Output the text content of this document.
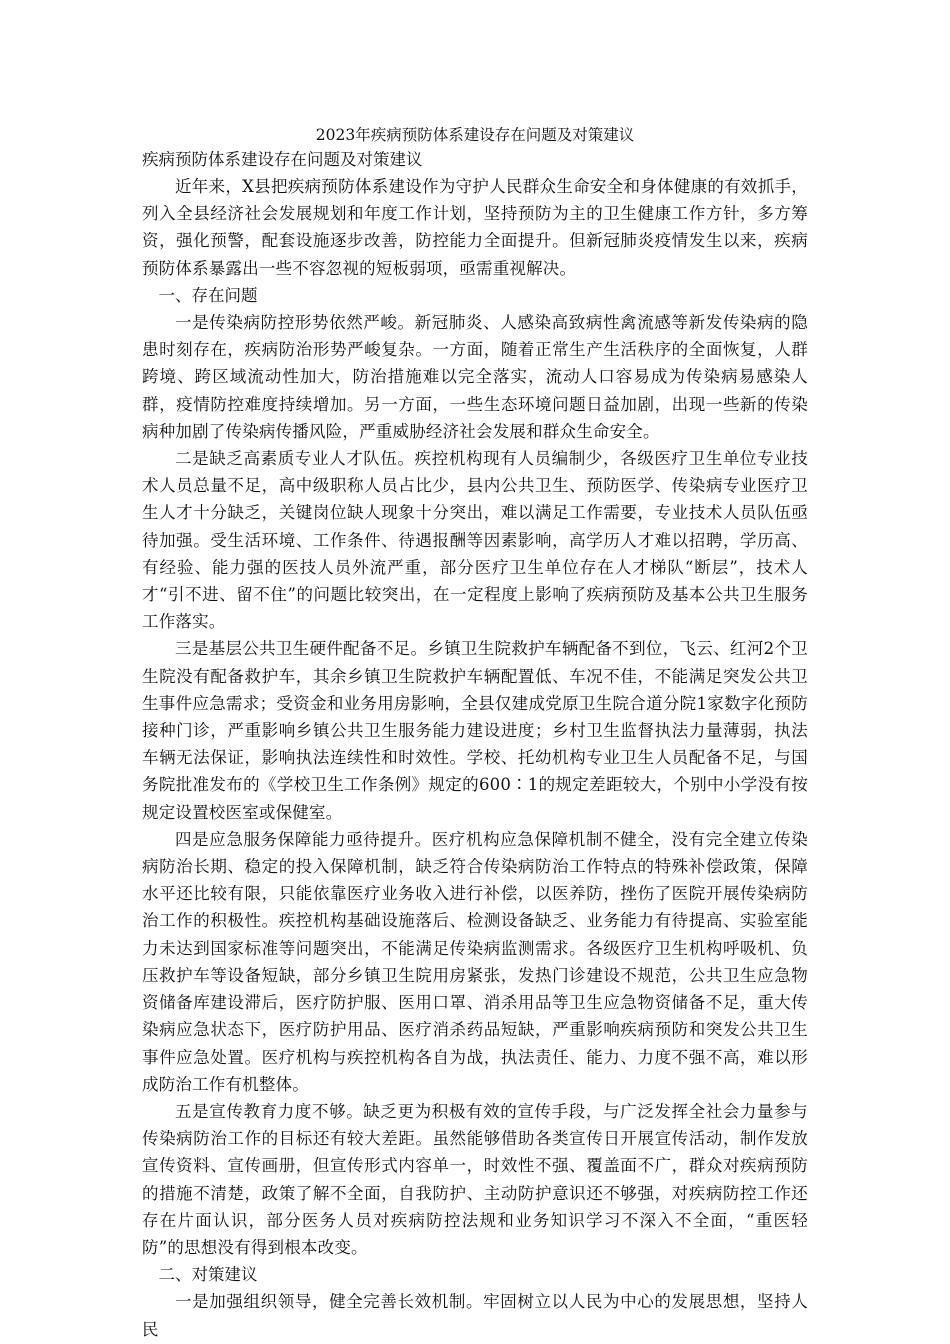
2023年疾病预防体系建设存在问题及对策建议

疾病预防体系建设存在问题及对策建议

近年来，X县把疾病预防体系建设作为守护人民群众生命安全和身体健康的有效抓手，列入全县经济社会发展规划和年度工作计划，坚持预防为主的卫生健康工作方针，多方筹资，强化预警，配套设施逐步改善，防控能力全面提升。但新冠肺炎疫情发生以来，疾病预防体系暴露出一些不容忽视的短板弱项，亟需重视解决。

一、存在问题

一是传染病防控形势依然严峻。新冠肺炎、人感染高致病性禽流感等新发传染病的隐患时刻存在，疾病防治形势严峻复杂。一方面，随着正常生产生活秩序的全面恢复，人群跨境、跨区域流动性加大，防治措施难以完全落实，流动人口容易成为传染病易感染人群，疫情防控难度持续增加。另一方面，一些生态环境问题日益加剧，出现一些新的传染病种加剧了传染病传播风险，严重威胁经济社会发展和群众生命安全。

二是缺乏高素质专业人才队伍。疾控机构现有人员编制少，各级医疗卫生单位专业技术人员总量不足，高中级职称人员占比少，县内公共卫生、预防医学、传染病专业医疗卫生人才十分缺乏，关键岗位缺人现象十分突出，难以满足工作需要，专业技术人员队伍亟待加强。受生活环境、工作条件、待遇报酬等因素影响，高学历人才难以招聘，学历高、有经验、能力强的医技人员外流严重，部分医疗卫生单位存在人才梯队“断层”，技术人才“引不进、留不住”的问题比较突出，在一定程度上影响了疾病预防及基本公共卫生服务工作落实。

三是基层公共卫生硬件配备不足。乡镇卫生院救护车辆配备不到位，飞云、红河2个卫生院没有配备救护车，其余乡镇卫生院救护车辆配置低、车况不佳，不能满足突发公共卫生事件应急需求；受资金和业务用房影响，全县仅建成党原卫生院合道分院1家数字化预防接种门诊，严重影响乡镇公共卫生服务能力建设进度；乡村卫生监督执法力量薄弱，执法车辆无法保证，影响执法连续性和时效性。学校、托幼机构专业卫生人员配备不足，与国务院批准发布的《学校卫生工作条例》规定的600∶1的规定差距较大，个别中小学没有按规定设置校医室或保健室。

四是应急服务保障能力亟待提升。医疗机构应急保障机制不健全，没有完全建立传染病防治长期、稳定的投入保障机制，缺乏符合传染病防治工作特点的特殊补偿政策，保障水平还比较有限，只能依靠医疗业务收入进行补偿，以医养防，挫伤了医院开展传染病防治工作的积极性。疾控机构基础设施落后、检测设备缺乏、业务能力有待提高、实验室能力未达到国家标准等问题突出，不能满足传染病监测需求。各级医疗卫生机构呼吸机、负压救护车等设备短缺，部分乡镇卫生院用房紧张，发热门诊建设不规范，公共卫生应急物资储备库建设滞后，医疗防护服、医用口罩、消杀用品等卫生应急物资储备不足，重大传染病应急状态下，医疗防护用品、医疗消杀药品短缺，严重影响疾病预防和突发公共卫生事件应急处置。医疗机构与疾控机构各自为战，执法责任、能力、力度不强不高，难以形成防治工作有机整体。

五是宣传教育力度不够。缺乏更为积极有效的宣传手段，与广泛发挥全社会力量参与传染病防治工作的目标还有较大差距。虽然能够借助各类宣传日开展宣传活动，制作发放宣传资料、宣传画册，但宣传形式内容单一，时效性不强、覆盖面不广，群众对疾病预防的措施不清楚，政策了解不全面，自我防护、主动防护意识还不够强，对疾病防控工作还存在片面认识，部分医务人员对疾病防控法规和业务知识学习不深入不全面，“重医轻防”的思想没有得到根本改变。

二、对策建议

一是加强组织领导，健全完善长效机制。牢固树立以人民为中心的发展思想，坚持人民
